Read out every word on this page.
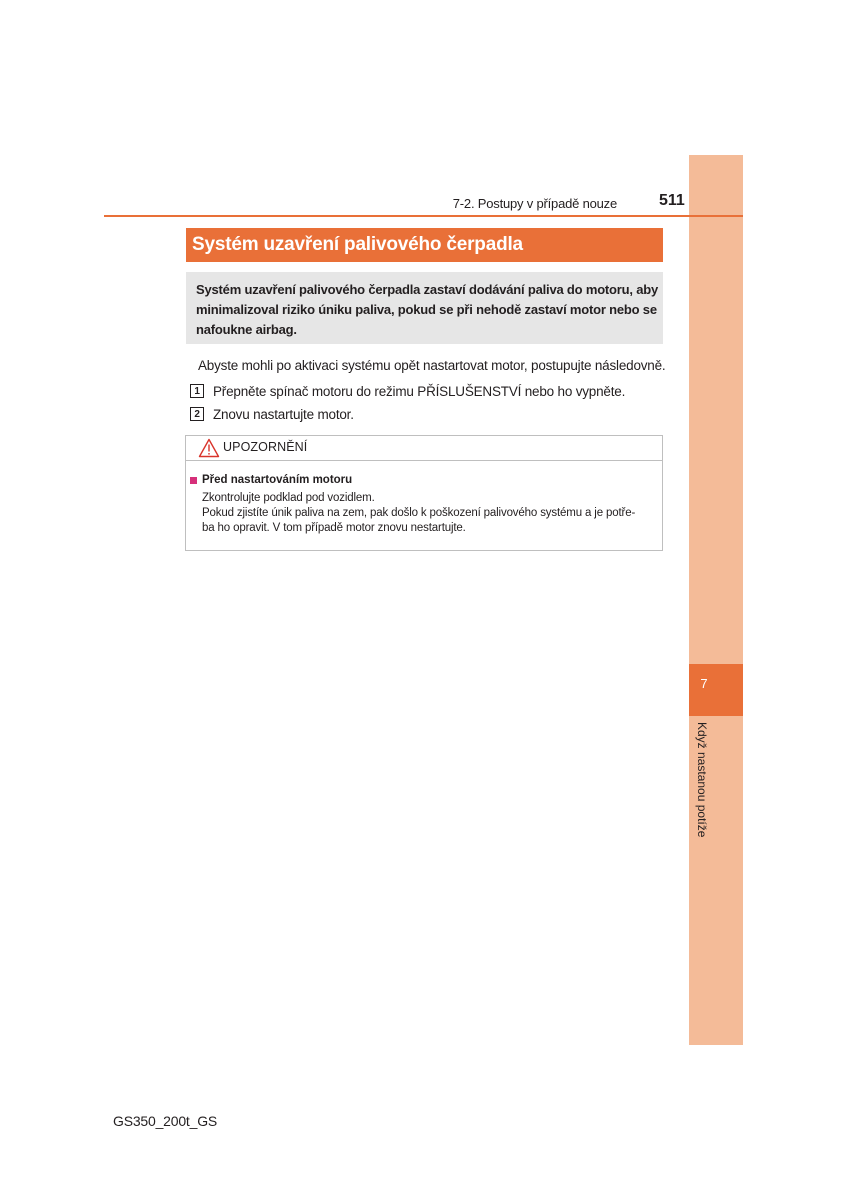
7
Když nastanou potíže
7-2. Postupy v případě nouze	511
Systém uzavření palivového čerpadla
Systém uzavření palivového čerpadla zastaví dodávání paliva do motoru, aby
minimalizoval riziko úniku paliva, pokud se při nehodě zastaví motor nebo se
nafoukne airbag.
Abyste mohli po aktivaci systému opět nastartovat motor, postupujte následovně.
1 Přepněte spínač motoru do režimu PŘÍSLUŠENSTVÍ nebo ho vypněte.
2 Znovu nastartujte motor.
UPOZORNĚNÍ
Před nastartováním motoru
Zkontrolujte podklad pod vozidlem.
Pokud zjistíte únik paliva na zem, pak došlo k poškození palivového systému a je potře-
ba ho opravit. V tom případě motor znovu nestartujte.
GS350_200t_GS
